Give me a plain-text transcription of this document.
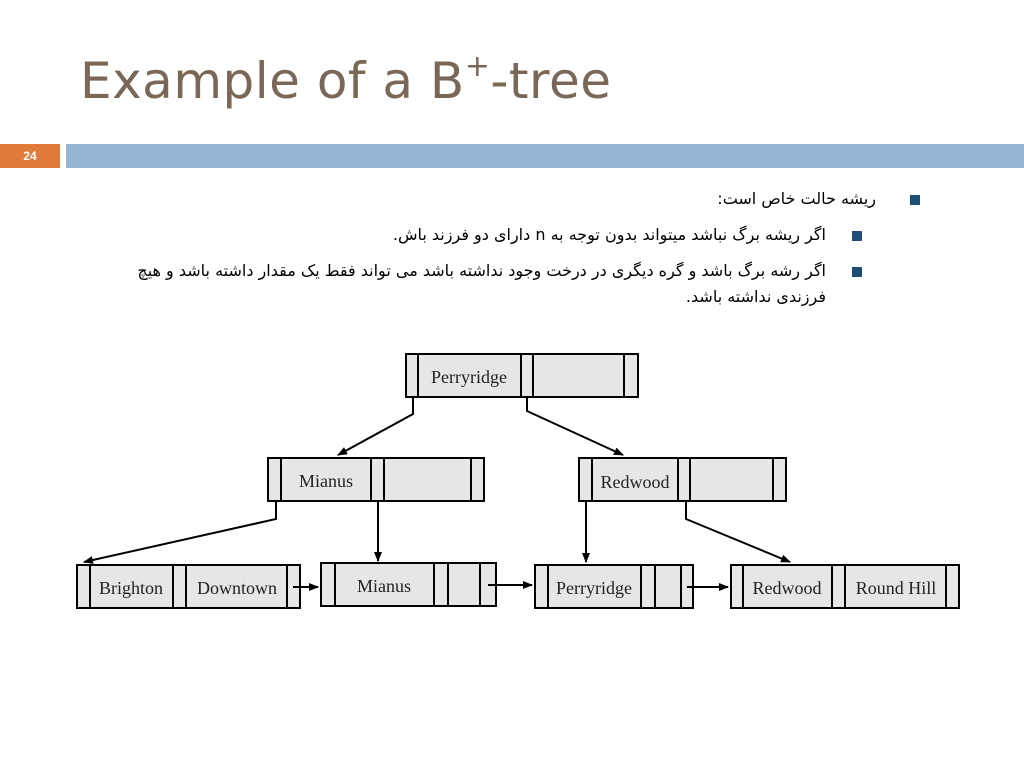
Example of a B+-tree
24
ریشه حالت خاص است:
اگر ریشه برگ نباشد میتواند بدون توجه به n دارای دو فرزند باش.
اگر رشه برگ باشد و گره دیگری در درخت وجود نداشته باشد می تواند فقط یک مقدار داشته باشد و هیچ فرزندی نداشته باشد.
Perryridge
Mianus	Redwood
Brighton Downtown	Mianus	Perryridge	Redwood Round Hill
